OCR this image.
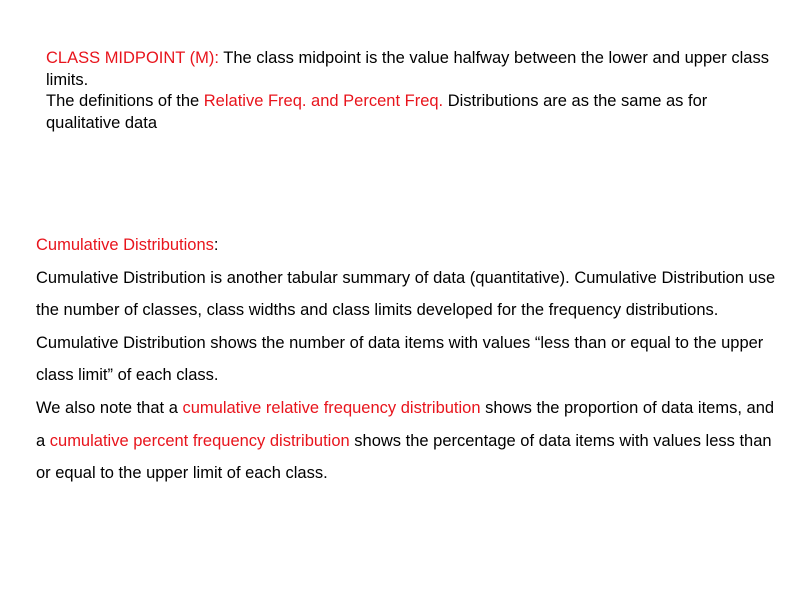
CLASS MIDPOINT (M): The class midpoint is the value halfway between the lower and upper class limits.

The definitions of the Relative Freq. and Percent Freq. Distributions are as the same as for qualitative data

Cumulative Distributions:

Cumulative Distribution is another tabular summary of data (quantitative). Cumulative Distribution use the number of classes, class widths and class limits developed for the frequency distributions.

Cumulative Distribution shows the number of data items with values “less than or equal to the upper class limit” of each class.

We also note that a cumulative relative frequency distribution shows the proportion of data items, and a cumulative percent frequency distribution shows the percentage of data items with values less than or equal to the upper limit of each class.
